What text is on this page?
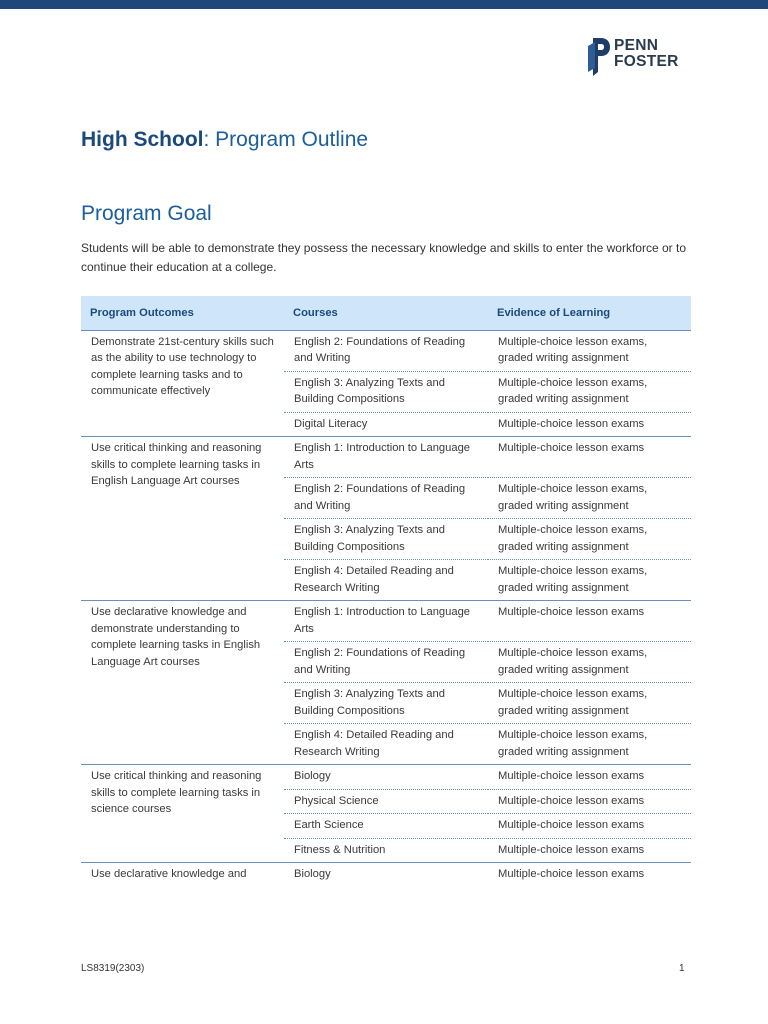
PENN
FOSTER
High School: Program Outline
Program Goal

Students will be able to demonstrate they possess the necessary knowledge and skills to enter the workforce or to continue their education at a college.

Program Outcomes	Courses	Evidence of Learning
Demonstrate 21st-century skills such as the ability to use technology to complete learning tasks and to communicate effectively	English 2: Foundations of Reading and Writing	Multiple-choice lesson exams, graded writing assignment
	English 3: Analyzing Texts and Building Compositions	Multiple-choice lesson exams, graded writing assignment
	Digital Literacy	Multiple-choice lesson exams
Use critical thinking and reasoning skills to complete learning tasks in English Language Art courses	English 1: Introduction to Language Arts	Multiple-choice lesson exams
	English 2: Foundations of Reading and Writing	Multiple-choice lesson exams, graded writing assignment
	English 3: Analyzing Texts and Building Compositions	Multiple-choice lesson exams, graded writing assignment
	English 4: Detailed Reading and Research Writing	Multiple-choice lesson exams, graded writing assignment
Use declarative knowledge and demonstrate understanding to complete learning tasks in English Language Art courses	English 1: Introduction to Language Arts	Multiple-choice lesson exams
	English 2: Foundations of Reading and Writing	Multiple-choice lesson exams, graded writing assignment
	English 3: Analyzing Texts and Building Compositions	Multiple-choice lesson exams, graded writing assignment
	English 4: Detailed Reading and Research Writing	Multiple-choice lesson exams, graded writing assignment
Use critical thinking and reasoning skills to complete learning tasks in science courses	Biology	Multiple-choice lesson exams
	Physical Science	Multiple-choice lesson exams
	Earth Science	Multiple-choice lesson exams
	Fitness & Nutrition	Multiple-choice lesson exams
Use declarative knowledge and	Biology	Multiple-choice lesson exams
LS8319(2303)	1
